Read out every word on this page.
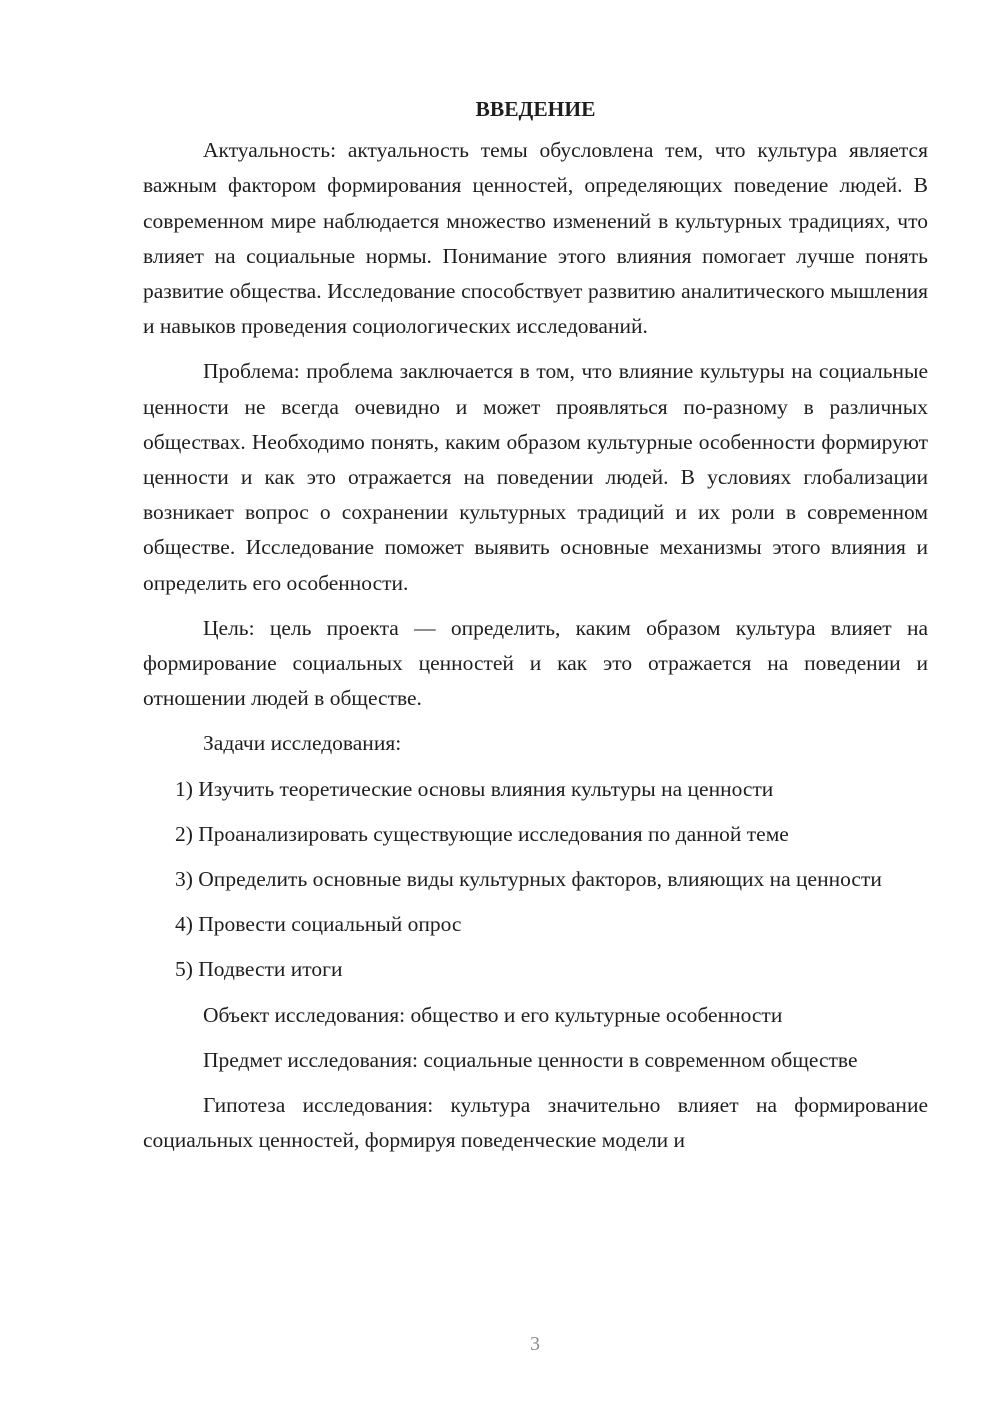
ВВЕДЕНИЕ

Актуальность: актуальность темы обусловлена тем, что культура является важным фактором формирования ценностей, определяющих поведение людей. В современном мире наблюдается множество изменений в культурных традициях, что влияет на социальные нормы. Понимание этого влияния помогает лучше понять развитие общества. Исследование способствует развитию аналитического мышления и навыков проведения социологических исследований.

Проблема: проблема заключается в том, что влияние культуры на социальные ценности не всегда очевидно и может проявляться по-разному в различных обществах. Необходимо понять, каким образом культурные особенности формируют ценности и как это отражается на поведении людей. В условиях глобализации возникает вопрос о сохранении культурных традиций и их роли в современном обществе. Исследование поможет выявить основные механизмы этого влияния и определить его особенности.

Цель: цель проекта — определить, каким образом культура влияет на формирование социальных ценностей и как это отражается на поведении и отношении людей в обществе.

Задачи исследования:

1) Изучить теоретические основы влияния культуры на ценности

2) Проанализировать существующие исследования по данной теме

3) Определить основные виды культурных факторов, влияющих на ценности

4) Провести социальный опрос

5) Подвести итоги

Объект исследования: общество и его культурные особенности

Предмет исследования: социальные ценности в современном обществе

Гипотеза исследования: культура значительно влияет на формирование социальных ценностей, формируя поведенческие модели и

3
